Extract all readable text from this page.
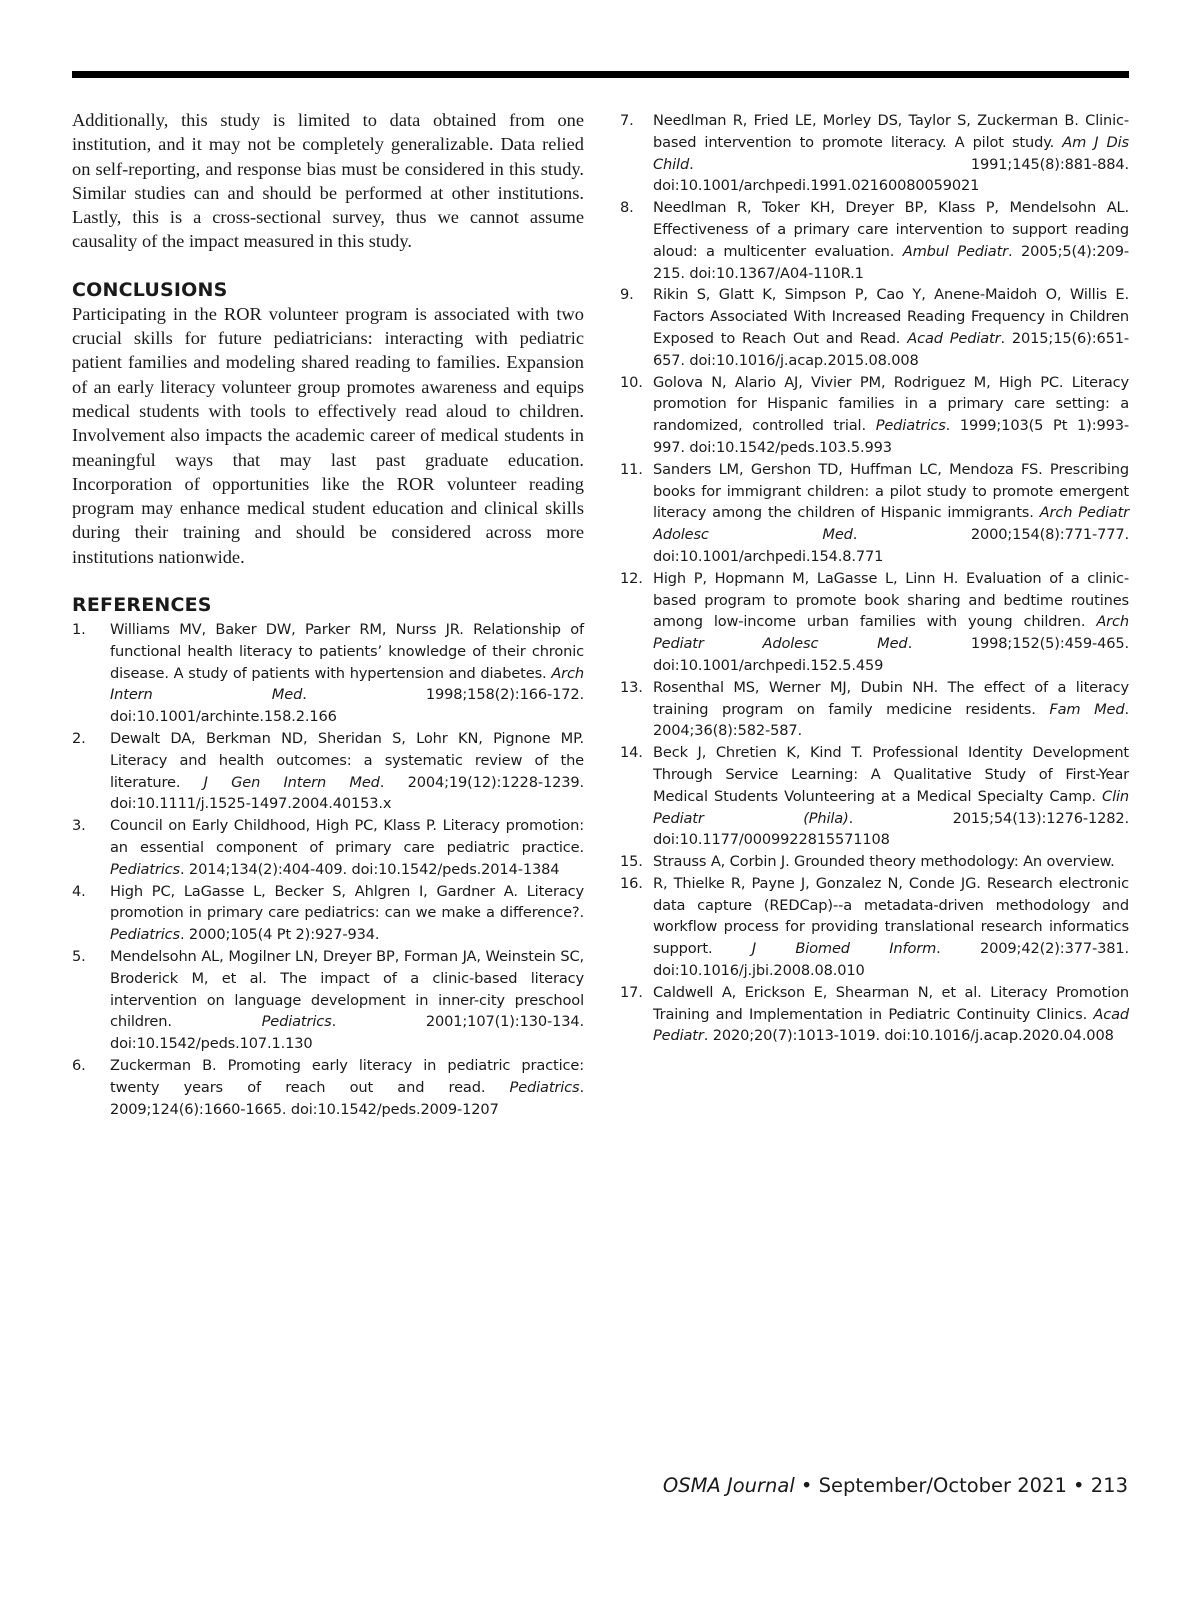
Additionally, this study is limited to data obtained from one institution, and it may not be completely generalizable. Data relied on self-reporting, and response bias must be considered in this study. Similar studies can and should be performed at other institutions. Lastly, this is a cross-sectional survey, thus we cannot assume causality of the impact measured in this study.

CONCLUSIONS

Participating in the ROR volunteer program is associated with two crucial skills for future pediatricians: interacting with pediatric patient families and modeling shared reading to families. Expansion of an early literacy volunteer group promotes awareness and equips medical students with tools to effectively read aloud to children. Involvement also impacts the academic career of medical students in meaningful ways that may last past graduate education. Incorporation of opportunities like the ROR volunteer reading program may enhance medical student education and clinical skills during their training and should be considered across more institutions nationwide.

REFERENCES
1. Williams MV, Baker DW, Parker RM, Nurss JR. Relationship of functional health literacy to patients’ knowledge of their chronic disease. A study of patients with hypertension and diabetes. Arch Intern Med. 1998;158(2):166-172. doi:10.1001/archinte.158.2.166
2. Dewalt DA, Berkman ND, Sheridan S, Lohr KN, Pignone MP. Literacy and health outcomes: a systematic review of the literature. J Gen Intern Med. 2004;19(12):1228-1239. doi:10.1111/j.1525-1497.2004.40153.x
3. Council on Early Childhood, High PC, Klass P. Literacy promotion: an essential component of primary care pediatric practice. Pediatrics. 2014;134(2):404-409. doi:10.1542/peds.2014-1384
4. High PC, LaGasse L, Becker S, Ahlgren I, Gardner A. Literacy promotion in primary care pediatrics: can we make a difference?. Pediatrics. 2000;105(4 Pt 2):927-934.
5. Mendelsohn AL, Mogilner LN, Dreyer BP, Forman JA, Weinstein SC, Broderick M, et al. The impact of a clinic-based literacy intervention on language development in inner-city preschool children. Pediatrics. 2001;107(1):130-134. doi:10.1542/peds.107.1.130
6. Zuckerman B. Promoting early literacy in pediatric practice: twenty years of reach out and read. Pediatrics. 2009;124(6):1660-1665. doi:10.1542/peds.2009-1207
7. Needlman R, Fried LE, Morley DS, Taylor S, Zuckerman B. Clinic-based intervention to promote literacy. A pilot study. Am J Dis Child. 1991;145(8):881-884. doi:10.1001/archpedi.1991.02160080059021
8. Needlman R, Toker KH, Dreyer BP, Klass P, Mendelsohn AL. Effectiveness of a primary care intervention to support reading aloud: a multicenter evaluation. Ambul Pediatr. 2005;5(4):209-215. doi:10.1367/A04-110R.1
9. Rikin S, Glatt K, Simpson P, Cao Y, Anene-Maidoh O, Willis E. Factors Associated With Increased Reading Frequency in Children Exposed to Reach Out and Read. Acad Pediatr. 2015;15(6):651-657. doi:10.1016/j.acap.2015.08.008
10. Golova N, Alario AJ, Vivier PM, Rodriguez M, High PC. Literacy promotion for Hispanic families in a primary care setting: a randomized, controlled trial. Pediatrics. 1999;103(5 Pt 1):993-997. doi:10.1542/peds.103.5.993
11. Sanders LM, Gershon TD, Huffman LC, Mendoza FS. Prescribing books for immigrant children: a pilot study to promote emergent literacy among the children of Hispanic immigrants. Arch Pediatr Adolesc Med. 2000;154(8):771-777. doi:10.1001/archpedi.154.8.771
12. High P, Hopmann M, LaGasse L, Linn H. Evaluation of a clinic-based program to promote book sharing and bedtime routines among low-income urban families with young children. Arch Pediatr Adolesc Med. 1998;152(5):459-465. doi:10.1001/archpedi.152.5.459
13. Rosenthal MS, Werner MJ, Dubin NH. The effect of a literacy training program on family medicine residents. Fam Med. 2004;36(8):582-587.
14. Beck J, Chretien K, Kind T. Professional Identity Development Through Service Learning: A Qualitative Study of First-Year Medical Students Volunteering at a Medical Specialty Camp. Clin Pediatr (Phila). 2015;54(13):1276-1282. doi:10.1177/0009922815571108
15. Strauss A, Corbin J. Grounded theory methodology: An overview.
16. R, Thielke R, Payne J, Gonzalez N, Conde JG. Research electronic data capture (REDCap)--a metadata-driven methodology and workflow process for providing translational research informatics support. J Biomed Inform. 2009;42(2):377-381. doi:10.1016/j.jbi.2008.08.010
17. Caldwell A, Erickson E, Shearman N, et al. Literacy Promotion Training and Implementation in Pediatric Continuity Clinics. Acad Pediatr. 2020;20(7):1013-1019. doi:10.1016/j.acap.2020.04.008
OSMA Journal • September/October 2021 • 213
